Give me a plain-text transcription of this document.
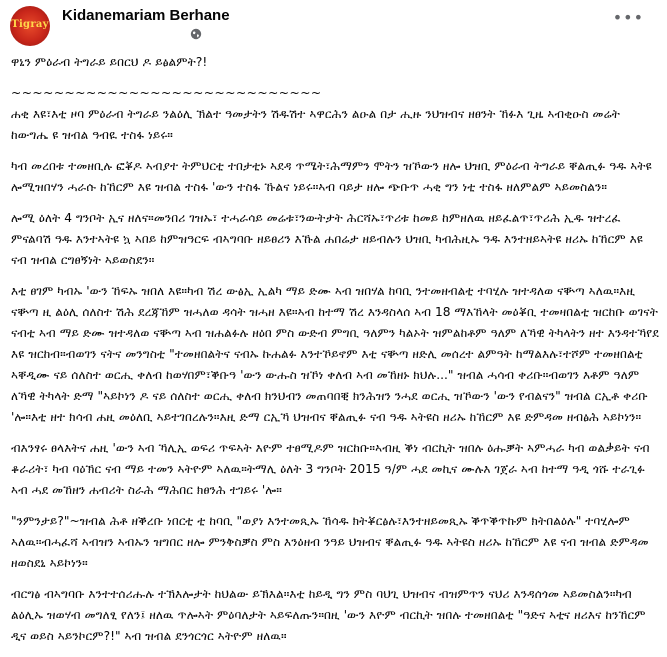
Tigray
Kidanemariam Berhane	•••

ዋኒን ምዕራብ ትግራይ ይበርህ ዶ ይፅልምት?!

~~~~~~~~~~~~~~~~~~~~~~~~~~~~~

ሐቂ እዩ፣እቲ ዞባ ምዕራብ ትግራይ ንልዕሊ ኽልተ ዓመታትን ሽዱሽተ ኣዋርሕን ልዑል በታ ሒዙ ንህዝብና ዘፀንት ኸፉእ ጊዜ ኣብቂዑስ መሬት ከውግሔ ዩ ዝብል ዓብዪ ተስፋ ነይሩ።

ካብ መረበቱ ተመዘቢሉ ፎቖዶ ኣብያተ ትምህርቲ ተበታቲኑ ኣደዳ ጥሜት፣ሕማምን ሞትን ዝኾውን ዘሎ ህዝቢ ምዕራብ ትግራይ ቐልጢፉ ዓዱ ኣትዩ ሎሚዝበሃን ሓራሱ ከኸርም እዩ ዝብል ተስፋ 'ውን ተስፋ ኹልና ነይሩ።ኣብ ባይታ ዘሎ ጭቡጥ ሓቂ ግን ነቲ ተስፋ ዘለምልም ኣይመስልን።

ሎሚ ዕለት 4 ግንቦት ኢና ዘለና።መንበሪ ገዝኡ፣ ተሓራሳይ መሬቱ፣ንውትታት ሕርሻኡ፣ጥሪቱ ከመይ ከምዘለዉ ዘይፈልጥ፣ጥሪሕ ኢዱ ዝተረፈ ምናልባሽ ዓዱ እንተኣትዩ ኳ ኣበይ ከምዝዓርፍ ብኣግባቡ ዘይፀሪን እኹል ሐበሬታ ዘይብሉን ህዝቢ ካብሕዚኡ ዓዱ እንተዘይኣትዩ ዘሪኡ ከኸርም እዩ ናብ ዝብል ርግፀኝነት ኣይወስደን።

እቲ ፀገም ካብኡ 'ውን ኸፍኡ ዝበለ እዩ።ካብ ሽረ ውፅኢ ኢልካ ማይ ድሙ ኣብ ዝበሃል ከባቢ ንተመዘብልቲ ተባሂሉ ዝተዳለወ ናቝጣ ኣለዉ።እዚ ናቝጣ ዚ ልዕሊ ሰለስተ ሽሕ ደረጃኸም ዝሓለወ ዳሳት ዝሓዘ እዩ።ኣብ ከተማ ሽረ እንዳስላሰ ኣብ 18 ማእኸላት መዕቖቢ ተመዛበልቲ ዝርከቡ ወገናት ናብቲ ኣብ ማይ ድሙ ዝተዳለወ ናቝጣ ኣብ ዝሐልፉሉ ዘዕበ ምስ ውድብ ምግቢ ዓለምን ካልኦት ዝምልከቶም ዓለም ለኻዊ ትካላትን ዘተ እንዳተኻየደ እዩ ዝርከብ።ብወገን ናትና መንግስቲ "ተመዘበልትና ናብኡ ኩሐልፉ እንተኾይኖም እቲ ናቝጣ ዘድሊ መሰረተ ልምዓት ከማልእሉ፣ተሾም ተመዘበልቲ ኣቐዲሙ ናይ ሰለስተ ወርሒ ቀለብ ከወሃበም፣ቕቡዓ 'ውን ውሑስ ዝኾነ ቀለብ ኣብ መኸዘኑ ክህሉ..." ዝብል ሓሳብ ቀሪቡ።ብወገን እቶም ዓለም ለኻዊ ትካላት ድማ "ኣይኮነን ዶ ናይ ሰለስተ ወርሒ ቀለብ ክንህብን መጠባበቒ ክንሕዝን ንሓደ ወርሒ ዝኾውን 'ውን የብልናን" ዝብል ርኢቶ ቀሪቡ 'ሎ።እቲ ዘተ ክሳብ ሐዚ መዕለቢ ኣይተገበረሉን።እዚ ድማ ርኢኻ ህዝብና ቐልጢፉ ናብ ዓዱ ኣትዩስ ዘሪኡ ከኸርም እዩ ድምዳመ ዘብፅሕ ኣይኮነን።

ብእንፃሩ ፀላእትና ሐዚ 'ውን ኣብ ኻሊኢ ወፍሪ ጥፍኣት እዮም ተፀሚዶም ዝርከቡ።ኣብዚ ቕነ ብርኪት ዝበሉ ዕሑቓት ኣምሓራ ካብ ወልቃይት ናብ ቆራሪት፣ ካብ ባዕኽር ናብ ማይ ተመን ኣትዮም ኣለዉ።ትማሊ ዕለት 3 ግንቦት 2015 ዓ/ም ሓደ መኪና ሙሉእ ገጀራ ኣብ ከተማ ዓዲ ጎሹ ተራጊፉ ኣብ ሓደ መኸዘን ሐብሪት ስራሕ ማሕበር ክፀንሕ ተገይሩ 'ሎ።

"ንምንታይ?"~ዝብል ሕቶ ዘቕረቡ ነበርቲ ቲ ከባቢ "ወያነ እንተመጺኡ ኸሳዱ ክትቖርፅሉ፣እንተዘይመጺኡ ቕጥቕጥኩም ክትበልዕሉ" ተባሂሎም ኣለዉ።ብሓፈሻ ኣብዝን ኣብኡን ዝግበር ዘሎ ምንቅስቓስ ምስ እንዕዘብ ንዓይ ህዝብና ቐልጢፉ ዓዱ ኣትዩስ ዘሪኡ ከኸርም እዩ ናብ ዝብል ድምዳመ ዘወስደኒ ኣይኮነን።

ብርግፅ ብኣግባቡ እንተተሰሪሑሉ ተኽእሎታት ከህልው ይኽእል።እቲ ከይዲ ግን ምስ ባህጊ ህዝብና ብዝምጥን ናህሪ እንዳሰጎመ ኣይመስልን።ካብ ልዕሊኡ ዝወሃብ መግለፂ የለን፤ ዘለዉ ጥሎኣት ምዕባለታት ኣይፍለጡን።በዚ 'ውን እዮም ብርኪት ዝበሉ ተመዘበልቲ "ዓድና ኣቲና ዘሪእና ከንኸርም ዲና ወይስ ኣይንኮርም?!" ኣብ ዝብል ደንጎርጎር ኣትዮም ዘለዉ።
